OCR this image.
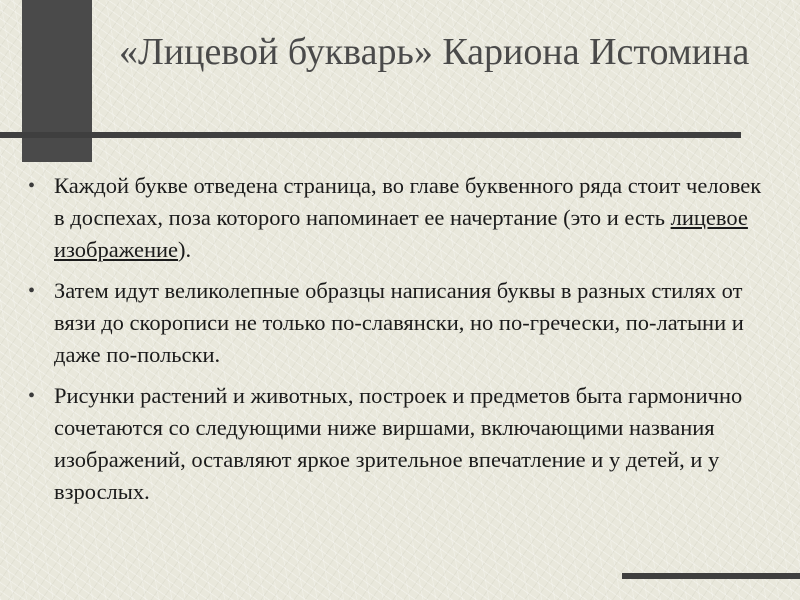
«Лицевой букварь» Кариона Истомина
• Каждой букве отведена страница, во главе буквенного ряда стоит человек в доспехах, поза которого напоминает ее начертание (это и есть лицевое изображение).
• Затем идут великолепные образцы написания буквы в разных стилях от вязи до скорописи не только по-славянски, но по-гречески, по-латыни и даже по-польски.
• Рисунки растений и животных, построек и предметов быта гармонично сочетаются со следующими ниже виршами, включающими названия изображений, оставляют яркое зрительное впечатление и у детей, и у взрослых.
